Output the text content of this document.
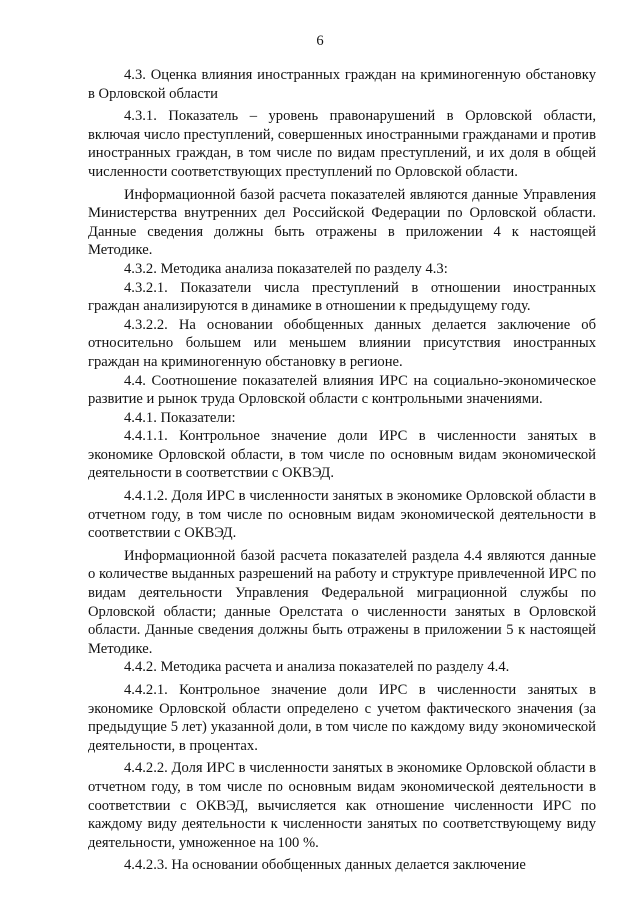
6

4.3. Оценка влияния иностранных граждан на криминогенную обстановку в Орловской области

4.3.1. Показатель – уровень правонарушений в Орловской области, включая число преступлений, совершенных иностранными гражданами и против иностранных граждан, в том числе по видам преступлений, и их доля в общей численности соответствующих преступлений по Орловской области.

Информационной базой расчета показателей являются данные Управления Министерства внутренних дел Российской Федерации по Орловской области. Данные сведения должны быть отражены в приложении 4 к настоящей Методике.

4.3.2. Методика анализа показателей по разделу 4.3:

4.3.2.1. Показатели числа преступлений в отношении иностранных граждан анализируются в динамике в отношении к предыдущему году.

4.3.2.2. На основании обобщенных данных делается заключение об относительно большем или меньшем влиянии присутствия иностранных граждан на криминогенную обстановку в регионе.

4.4. Соотношение показателей влияния ИРС на социально-экономическое развитие и рынок труда Орловской области с контрольными значениями.

4.4.1. Показатели:

4.4.1.1. Контрольное значение доли ИРС в численности занятых в экономике Орловской области, в том числе по основным видам экономической деятельности в соответствии с ОКВЭД.

4.4.1.2. Доля ИРС в численности занятых в экономике Орловской области в отчетном году, в том числе по основным видам экономической деятельности в соответствии с ОКВЭД.

Информационной базой расчета показателей раздела 4.4 являются данные о количестве выданных разрешений на работу и структуре привлеченной ИРС по видам деятельности Управления Федеральной миграционной службы по Орловской области; данные Орелстата о численности занятых в Орловской области. Данные сведения должны быть отражены в приложении 5 к настоящей Методике.

4.4.2. Методика расчета и анализа показателей по разделу 4.4.

4.4.2.1. Контрольное значение доли ИРС в численности занятых в экономике Орловской области определено с учетом фактического значения (за предыдущие 5 лет) указанной доли, в том числе по каждому виду экономической деятельности, в процентах.

4.4.2.2. Доля ИРС в численности занятых в экономике Орловской области в отчетном году, в том числе по основным видам экономической деятельности в соответствии с ОКВЭД, вычисляется как отношение численности ИРС по каждому виду деятельности к численности занятых по соответствующему виду деятельности, умноженное на 100 %.

4.4.2.3. На основании обобщенных данных делается заключение
